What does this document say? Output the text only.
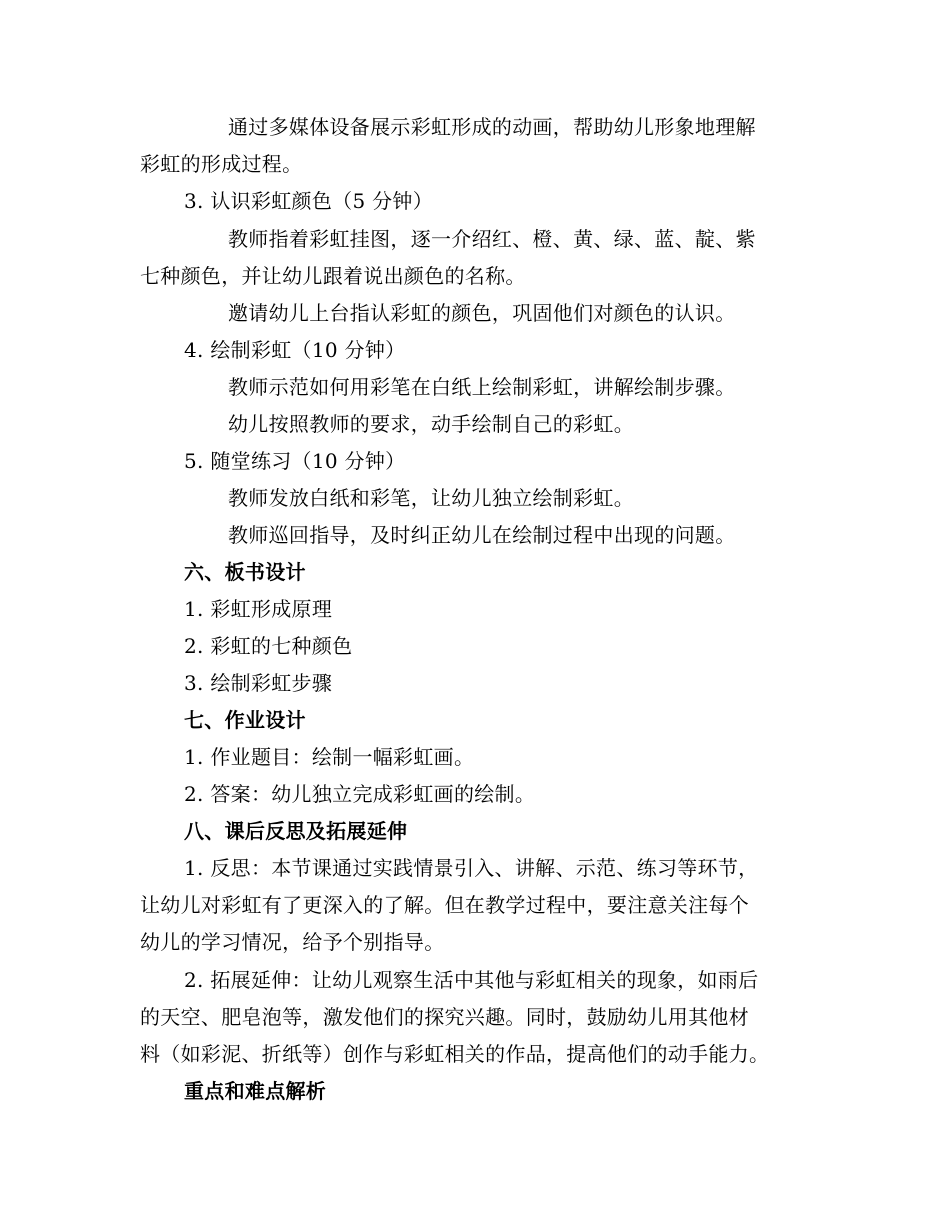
通过多媒体设备展示彩虹形成的动画，帮助幼儿形象地理解
彩虹的形成过程。
3. 认识彩虹颜色（5 分钟）
教师指着彩虹挂图，逐一介绍红、橙、黄、绿、蓝、靛、紫
七种颜色，并让幼儿跟着说出颜色的名称。
邀请幼儿上台指认彩虹的颜色，巩固他们对颜色的认识。
4. 绘制彩虹（10 分钟）
教师示范如何用彩笔在白纸上绘制彩虹，讲解绘制步骤。
幼儿按照教师的要求，动手绘制自己的彩虹。
5. 随堂练习（10 分钟）
教师发放白纸和彩笔，让幼儿独立绘制彩虹。
教师巡回指导，及时纠正幼儿在绘制过程中出现的问题。
六、板书设计
1. 彩虹形成原理
2. 彩虹的七种颜色
3. 绘制彩虹步骤
七、作业设计
1. 作业题目：绘制一幅彩虹画。
2. 答案：幼儿独立完成彩虹画的绘制。
八、课后反思及拓展延伸
1. 反思：本节课通过实践情景引入、讲解、示范、练习等环节，
让幼儿对彩虹有了更深入的了解。但在教学过程中，要注意关注每个
幼儿的学习情况，给予个别指导。
2. 拓展延伸：让幼儿观察生活中其他与彩虹相关的现象，如雨后
的天空、肥皂泡等，激发他们的探究兴趣。同时，鼓励幼儿用其他材
料（如彩泥、折纸等）创作与彩虹相关的作品，提高他们的动手能力。
重点和难点解析
